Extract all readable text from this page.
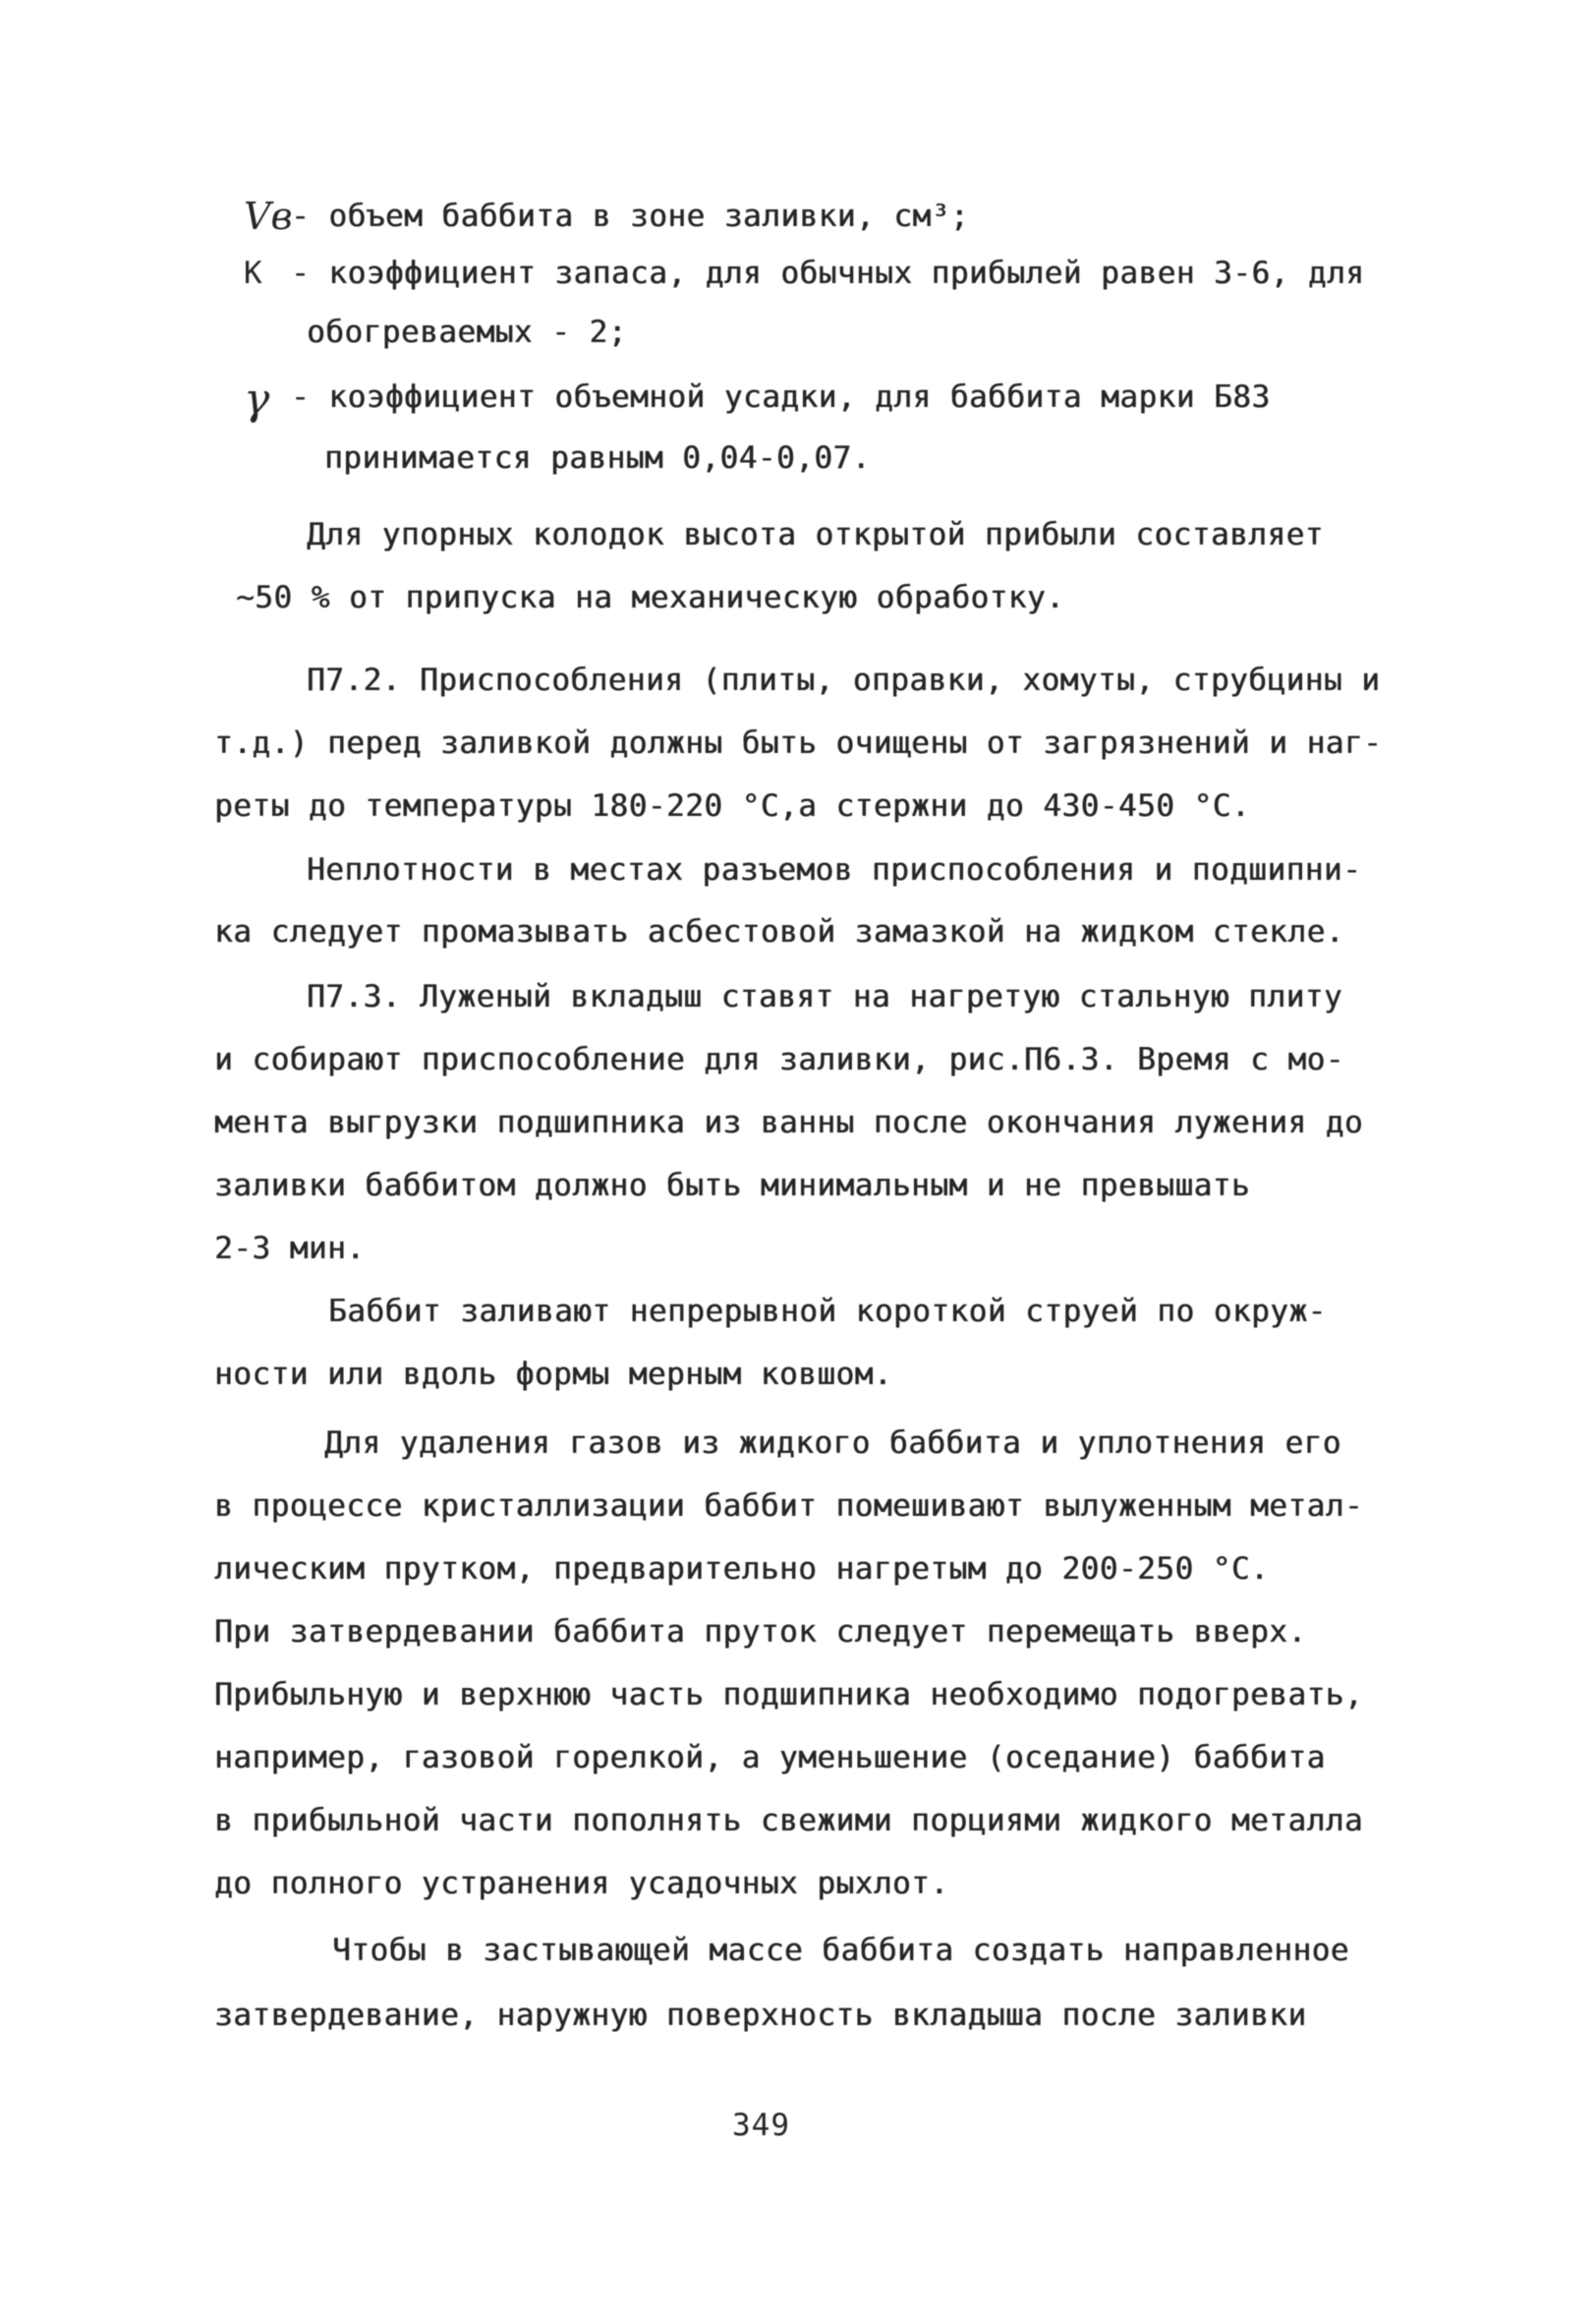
Vв
- объем баббита в зоне заливки, см³;
К - коэффициент запаса, для обычных прибылей равен 3-6, для
обогреваемых - 2;
γ - коэффициент объемной усадки, для баббита марки Б83
принимается равным 0,04-0,07.
Для упорных колодок высота открытой прибыли составляет
~50 % от припуска на механическую обработку.
П7.2. Приспособления (плиты, оправки, хомуты, струбцины и
т.д.) перед заливкой должны быть очищены от загрязнений и наг-
реты до температуры 180-220 °С,а стержни до 430-450 °С.
Неплотности в местах разъемов приспособления и подшипни-
ка следует промазывать асбестовой замазкой на жидком стекле.
П7.3. Луженый вкладыш ставят на нагретую стальную плиту
и собирают приспособление для заливки, рис.П6.3. Время с мо-
мента выгрузки подшипника из ванны после окончания лужения до
заливки баббитом должно быть минимальным и не превышать
2-3 мин.
Баббит заливают непрерывной короткой струей по окруж-
ности или вдоль формы мерным ковшом.
Для удаления газов из жидкого баббита и уплотнения его
в процессе кристаллизации баббит помешивают вылуженным метал-
лическим прутком, предварительно нагретым до 200-250 °С.
При затвердевании баббита пруток следует перемещать вверх.
Прибыльную и верхнюю часть подшипника необходимо подогревать,
например, газовой горелкой, а уменьшение (оседание) баббита
в прибыльной части пополнять свежими порциями жидкого металла
до полного устранения усадочных рыхлот.
Чтобы в застывающей массе баббита создать направленное
затвердевание, наружную поверхность вкладыша после заливки
349
